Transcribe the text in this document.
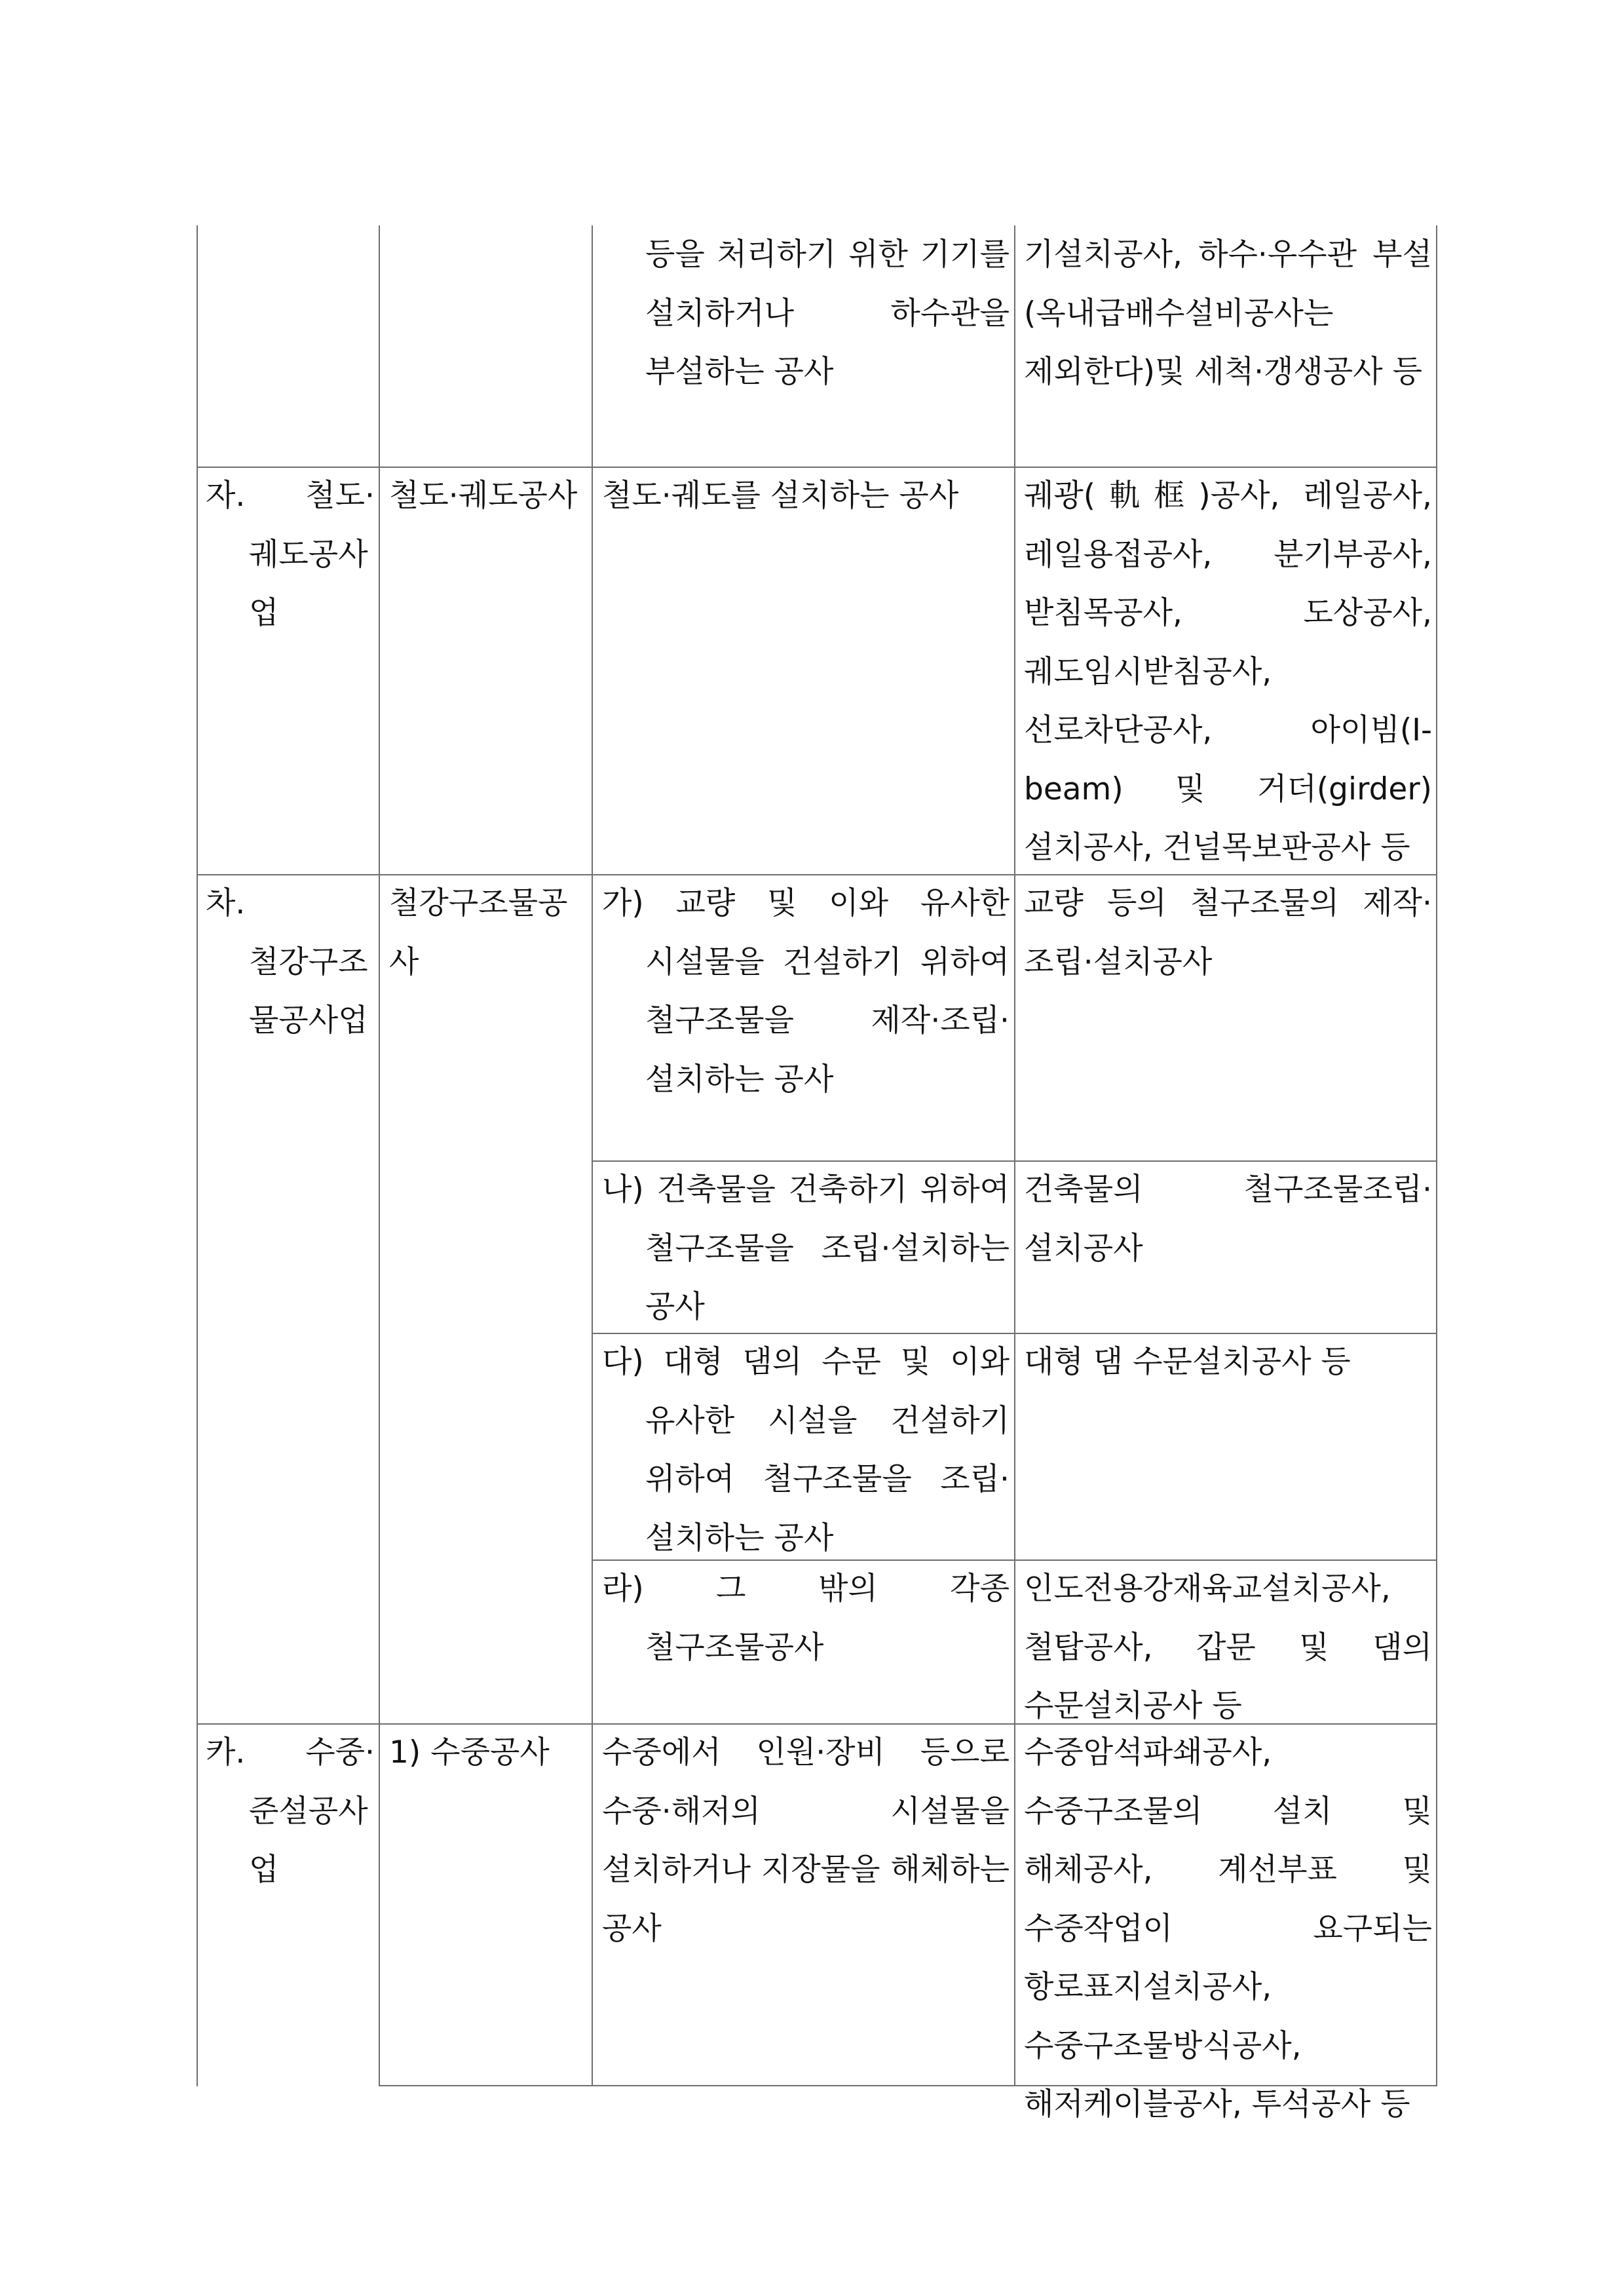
등을 처리하기 위한 기기를 설치하거나 하수관을 부설하는 공사
기설치공사, 하수·우수관 부설(옥내급배수설비공사는 제외한다)및 세척·갱생공사 등
자. 철도·궤도공사업
철도·궤도공사 철도·궤도를 설치하는 공사	궤광(軌框)공사, 레일공사, 레일용접공사, 분기부공사, 받침목공사, 도상공사, 궤도임시받침공사, 선로차단공사, 아이빔(I-beam) 및 거더(girder)설치공사, 건널목보판공사 등
차. 철강구조물공사업
철강구조물공사
가) 교량 및 이와 유사한 시설물을 건설하기 위하여 철구조물을 제작·조립·설치하는 공사
교량 등의 철구조물의 제작·조립·설치공사
나) 건축물을 건축하기 위하여 철구조물을 조립·설치하는 공사
건축물의 철구조물조립·설치공사
다) 대형 댐의 수문 및 이와 유사한 시설을 건설하기 위하여 철구조물을 조립·설치하는 공사
대형 댐 수문설치공사 등
라) 그 밖의 각종 철구조물공사
인도전용강재육교설치공사, 철탑공사, 갑문 및 댐의 수문설치공사 등
카. 수중·준설공사업
1) 수중공사	수중에서 인원·장비 등으로 수중·해저의 시설물을 설치하거나 지장물을 해체하는 공사
수중암석파쇄공사, 수중구조물의 설치 및 해체공사, 계선부표 및 수중작업이 요구되는 항로표지설치공사, 수중구조물방식공사, 해저케이블공사, 투석공사 등
